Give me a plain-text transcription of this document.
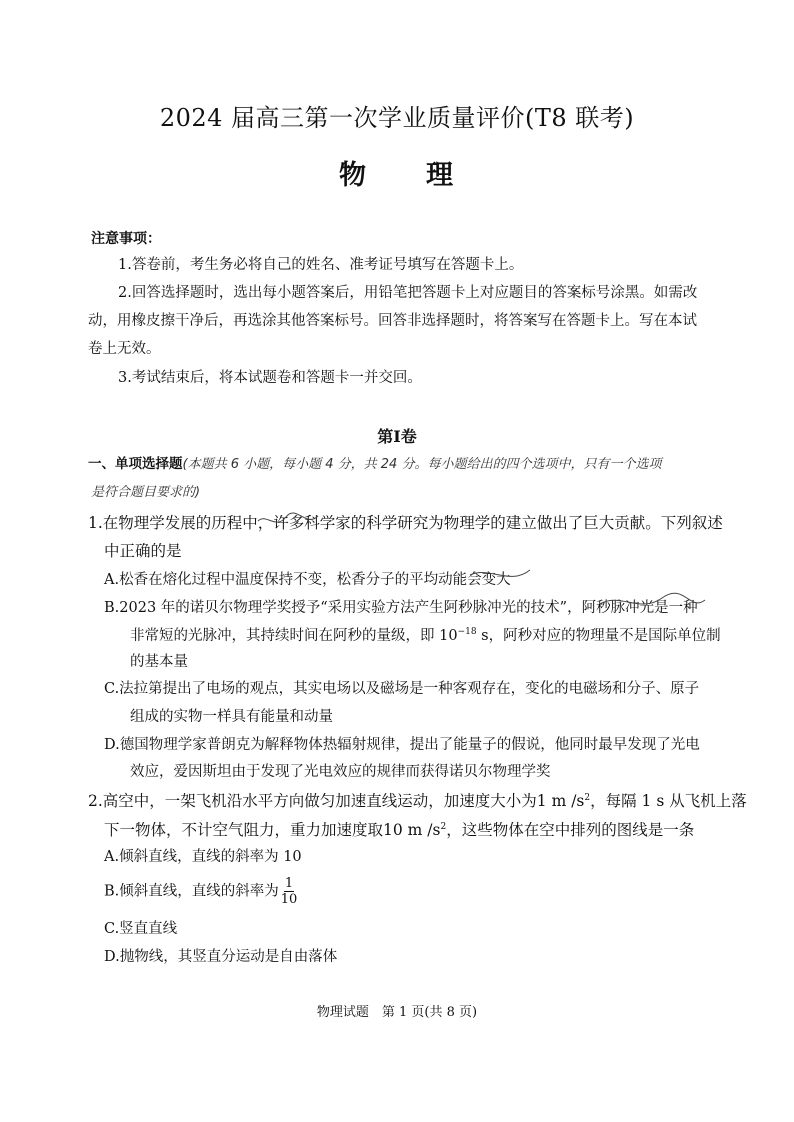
2024 届高三第一次学业质量评价(T8 联考)
物　　理
注意事项：
1.答卷前，考生务必将自己的姓名、准考证号填写在答题卡上。
2.回答选择题时，选出每小题答案后，用铅笔把答题卡上对应题目的答案标号涂黑。如需改
动，用橡皮擦干净后，再选涂其他答案标号。回答非选择题时，将答案写在答题卡上。写在本试
卷上无效。
3.考试结束后，将本试题卷和答题卡一并交回。
第Ⅰ卷
一、单项选择题(本题共 6 小题，每小题 4 分，共 24 分。每小题给出的四个选项中，只有一个选项
是符合题目要求的)
1.在物理学发展的历程中，许多科学家的科学研究为物理学的建立做出了巨大贡献。下列叙述
中正确的是
A.松香在熔化过程中温度保持不变，松香分子的平均动能会变大
B.2023 年的诺贝尔物理学奖授予“采用实验方法产生阿秒脉冲光的技术”，阿秒脉冲光是一种
非常短的光脉冲，其持续时间在阿秒的量级，即 $10^{-18}$ s，阿秒对应的物理量不是国际单位制
的基本量
C.法拉第提出了电场的观点，其实电场以及磁场是一种客观存在，变化的电磁场和分子、原子
组成的实物一样具有能量和动量
D.德国物理学家普朗克为解释物体热辐射规律，提出了能量子的假说，他同时最早发现了光电
效应，爱因斯坦由于发现了光电效应的规律而获得诺贝尔物理学奖
2.高空中，一架飞机沿水平方向做匀加速直线运动，加速度大小为1 m $/s^2$，每隔 1 s 从飞机上落
下一物体，不计空气阻力，重力加速度取10 m $/s^2$，这些物体在空中排列的图线是一条
A.倾斜直线，直线的斜率为 10
B.倾斜直线，直线的斜率为 $\frac{1}{10}$
C.竖直直线
D.抛物线，其竖直分运动是自由落体
物理试题　第 1 页(共 8 页)
